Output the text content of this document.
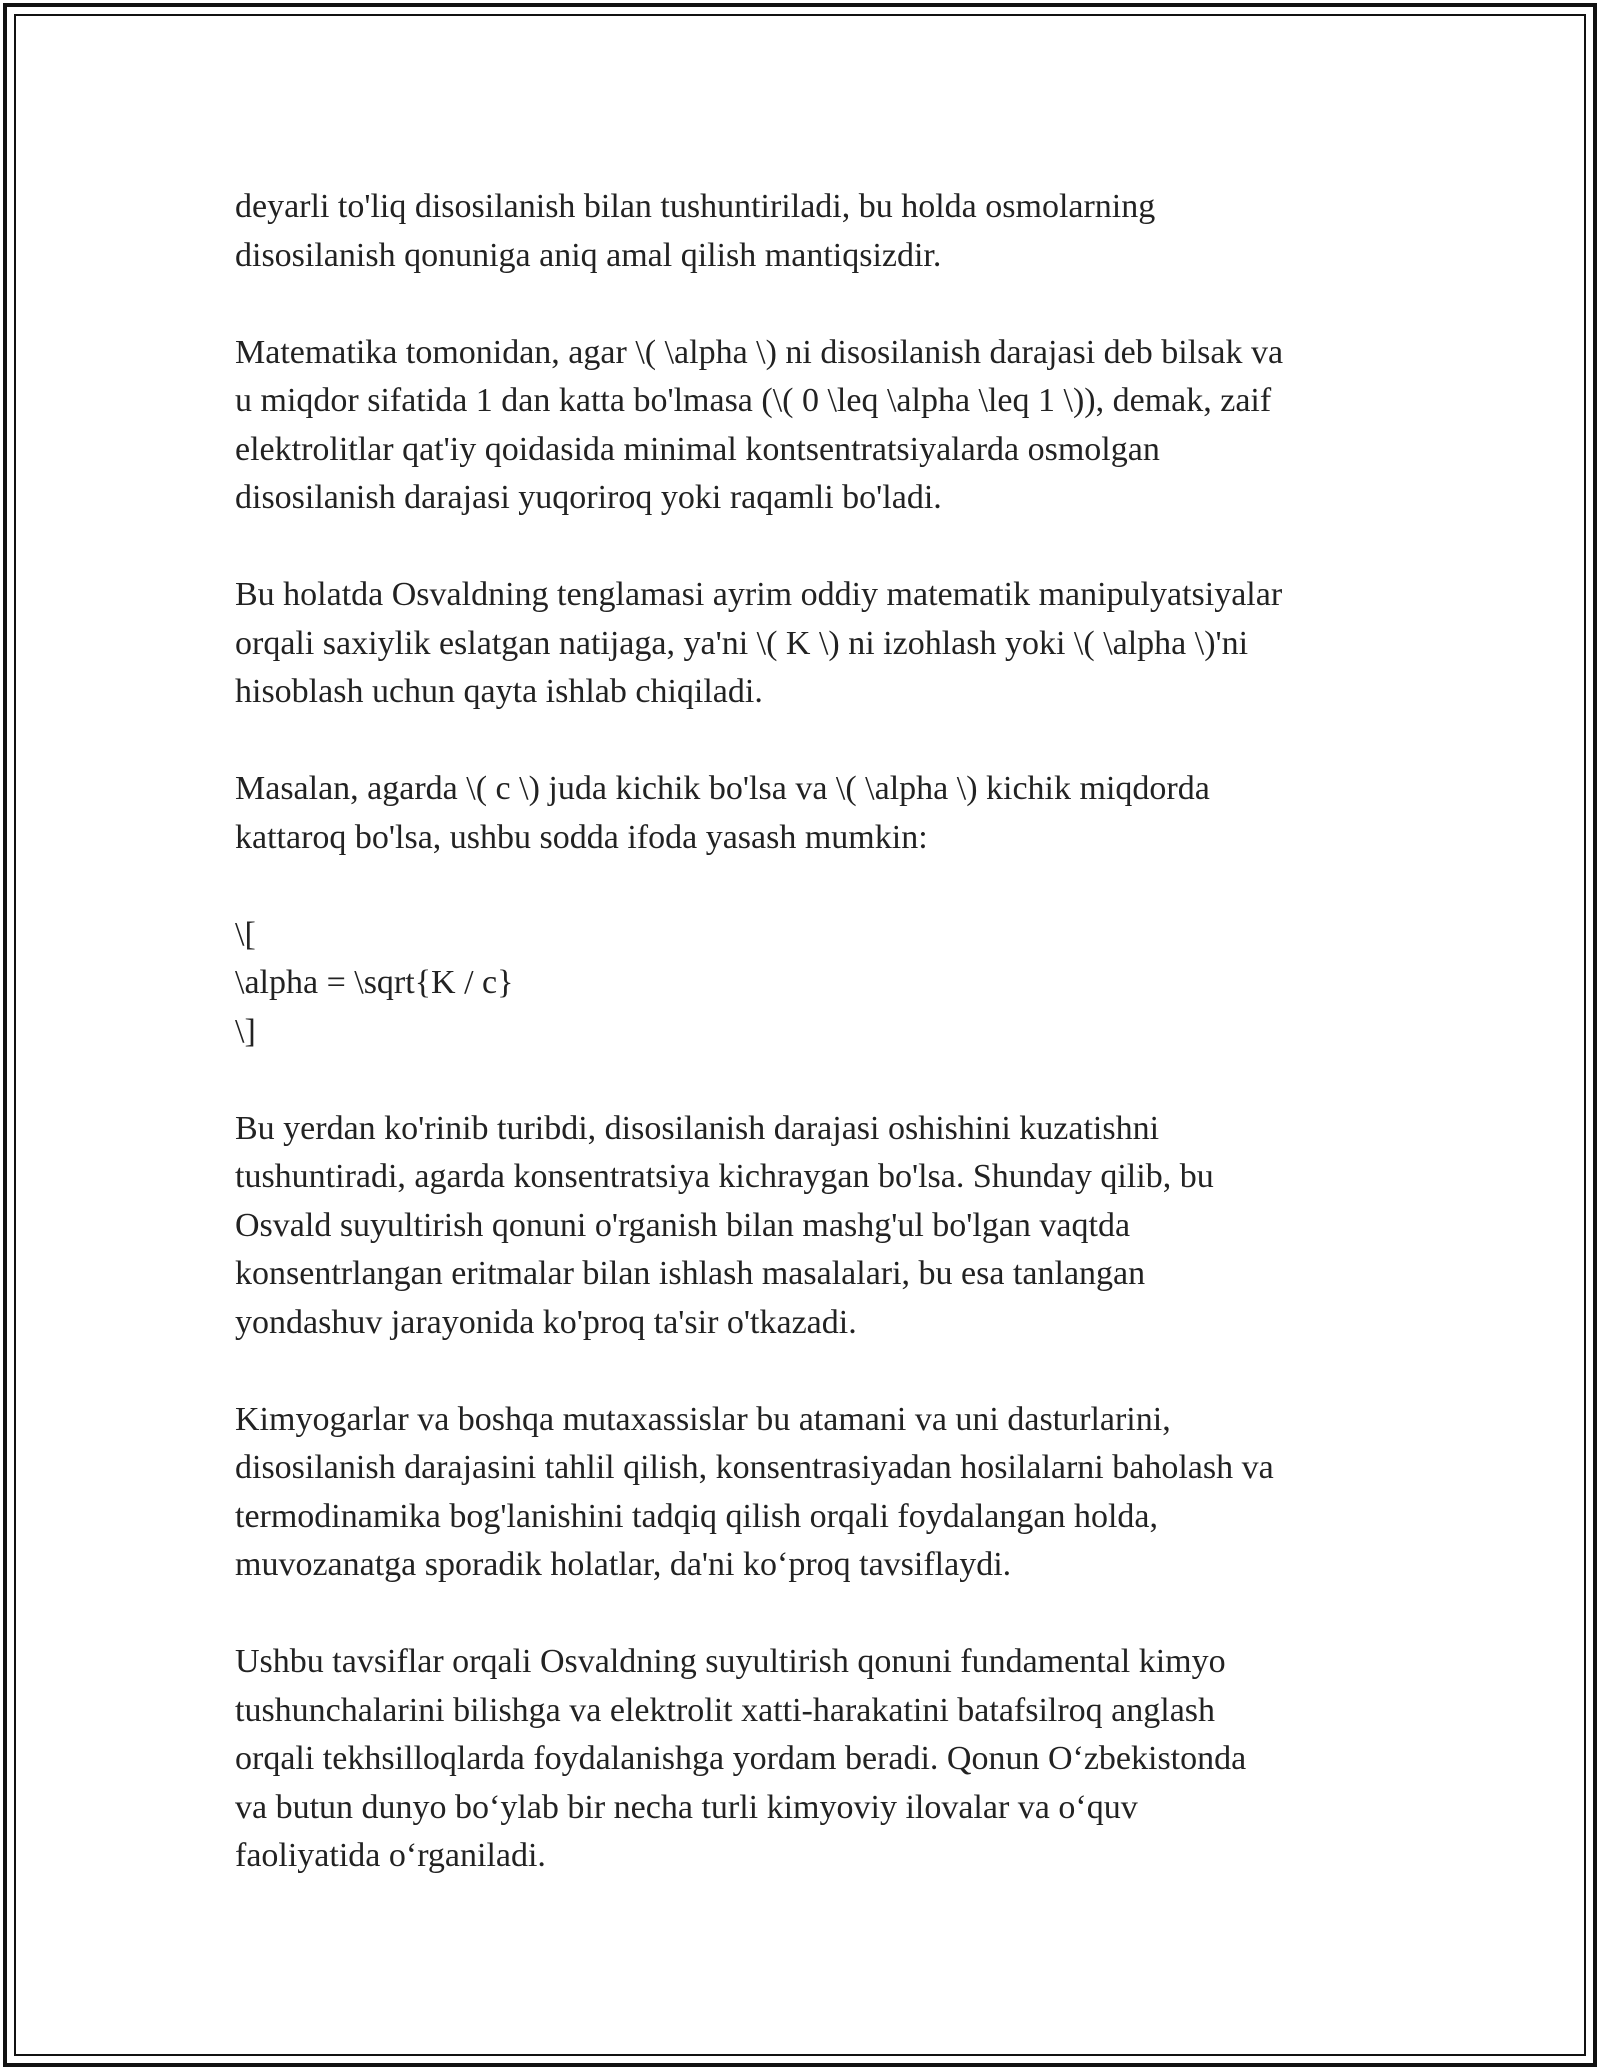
deyarli to'liq disosilanish bilan tushuntiriladi, bu holda osmolarning
disosilanish qonuniga aniq amal qilish mantiqsizdir.

Matematika tomonidan, agar \( \alpha \) ni disosilanish darajasi deb bilsak va
u miqdor sifatida 1 dan katta bo'lmasa (\( 0 \leq \alpha \leq 1 \)), demak, zaif
elektrolitlar qat'iy qoidasida minimal kontsentratsiyalarda osmolgan
disosilanish darajasi yuqoriroq yoki raqamli bo'ladi.

Bu holatda Osvaldning tenglamasi ayrim oddiy matematik manipulyatsiyalar
orqali saxiylik eslatgan natijaga, ya'ni \( K \) ni izohlash yoki \( \alpha \)'ni
hisoblash uchun qayta ishlab chiqiladi.

Masalan, agarda \( c \) juda kichik bo'lsa va \( \alpha \) kichik miqdorda
kattaroq bo'lsa, ushbu sodda ifoda yasash mumkin:

\[
\alpha = \sqrt{K / c}
\]

Bu yerdan ko'rinib turibdi, disosilanish darajasi oshishini kuzatishni
tushuntiradi, agarda konsentratsiya kichraygan bo'lsa. Shunday qilib, bu
Osvald suyultirish qonuni o'rganish bilan mashg'ul bo'lgan vaqtda
konsentrlangan eritmalar bilan ishlash masalalari, bu esa tanlangan
yondashuv jarayonida ko'proq ta'sir o'tkazadi.

Kimyogarlar va boshqa mutaxassislar bu atamani va uni dasturlarini,
disosilanish darajasini tahlil qilish, konsentrasiyadan hosilalarni baholash va
termodinamika bog'lanishini tadqiq qilish orqali foydalangan holda,
muvozanatga sporadik holatlar, da'ni ko‘proq tavsiflaydi.

Ushbu tavsiflar orqali Osvaldning suyultirish qonuni fundamental kimyo
tushunchalarini bilishga va elektrolit xatti-harakatini batafsilroq anglash
orqali tekhsilloqlarda foydalanishga yordam beradi. Qonun O‘zbekistonda
va butun dunyo bo‘ylab bir necha turli kimyoviy ilovalar va o‘quv
faoliyatida o‘rganiladi.
